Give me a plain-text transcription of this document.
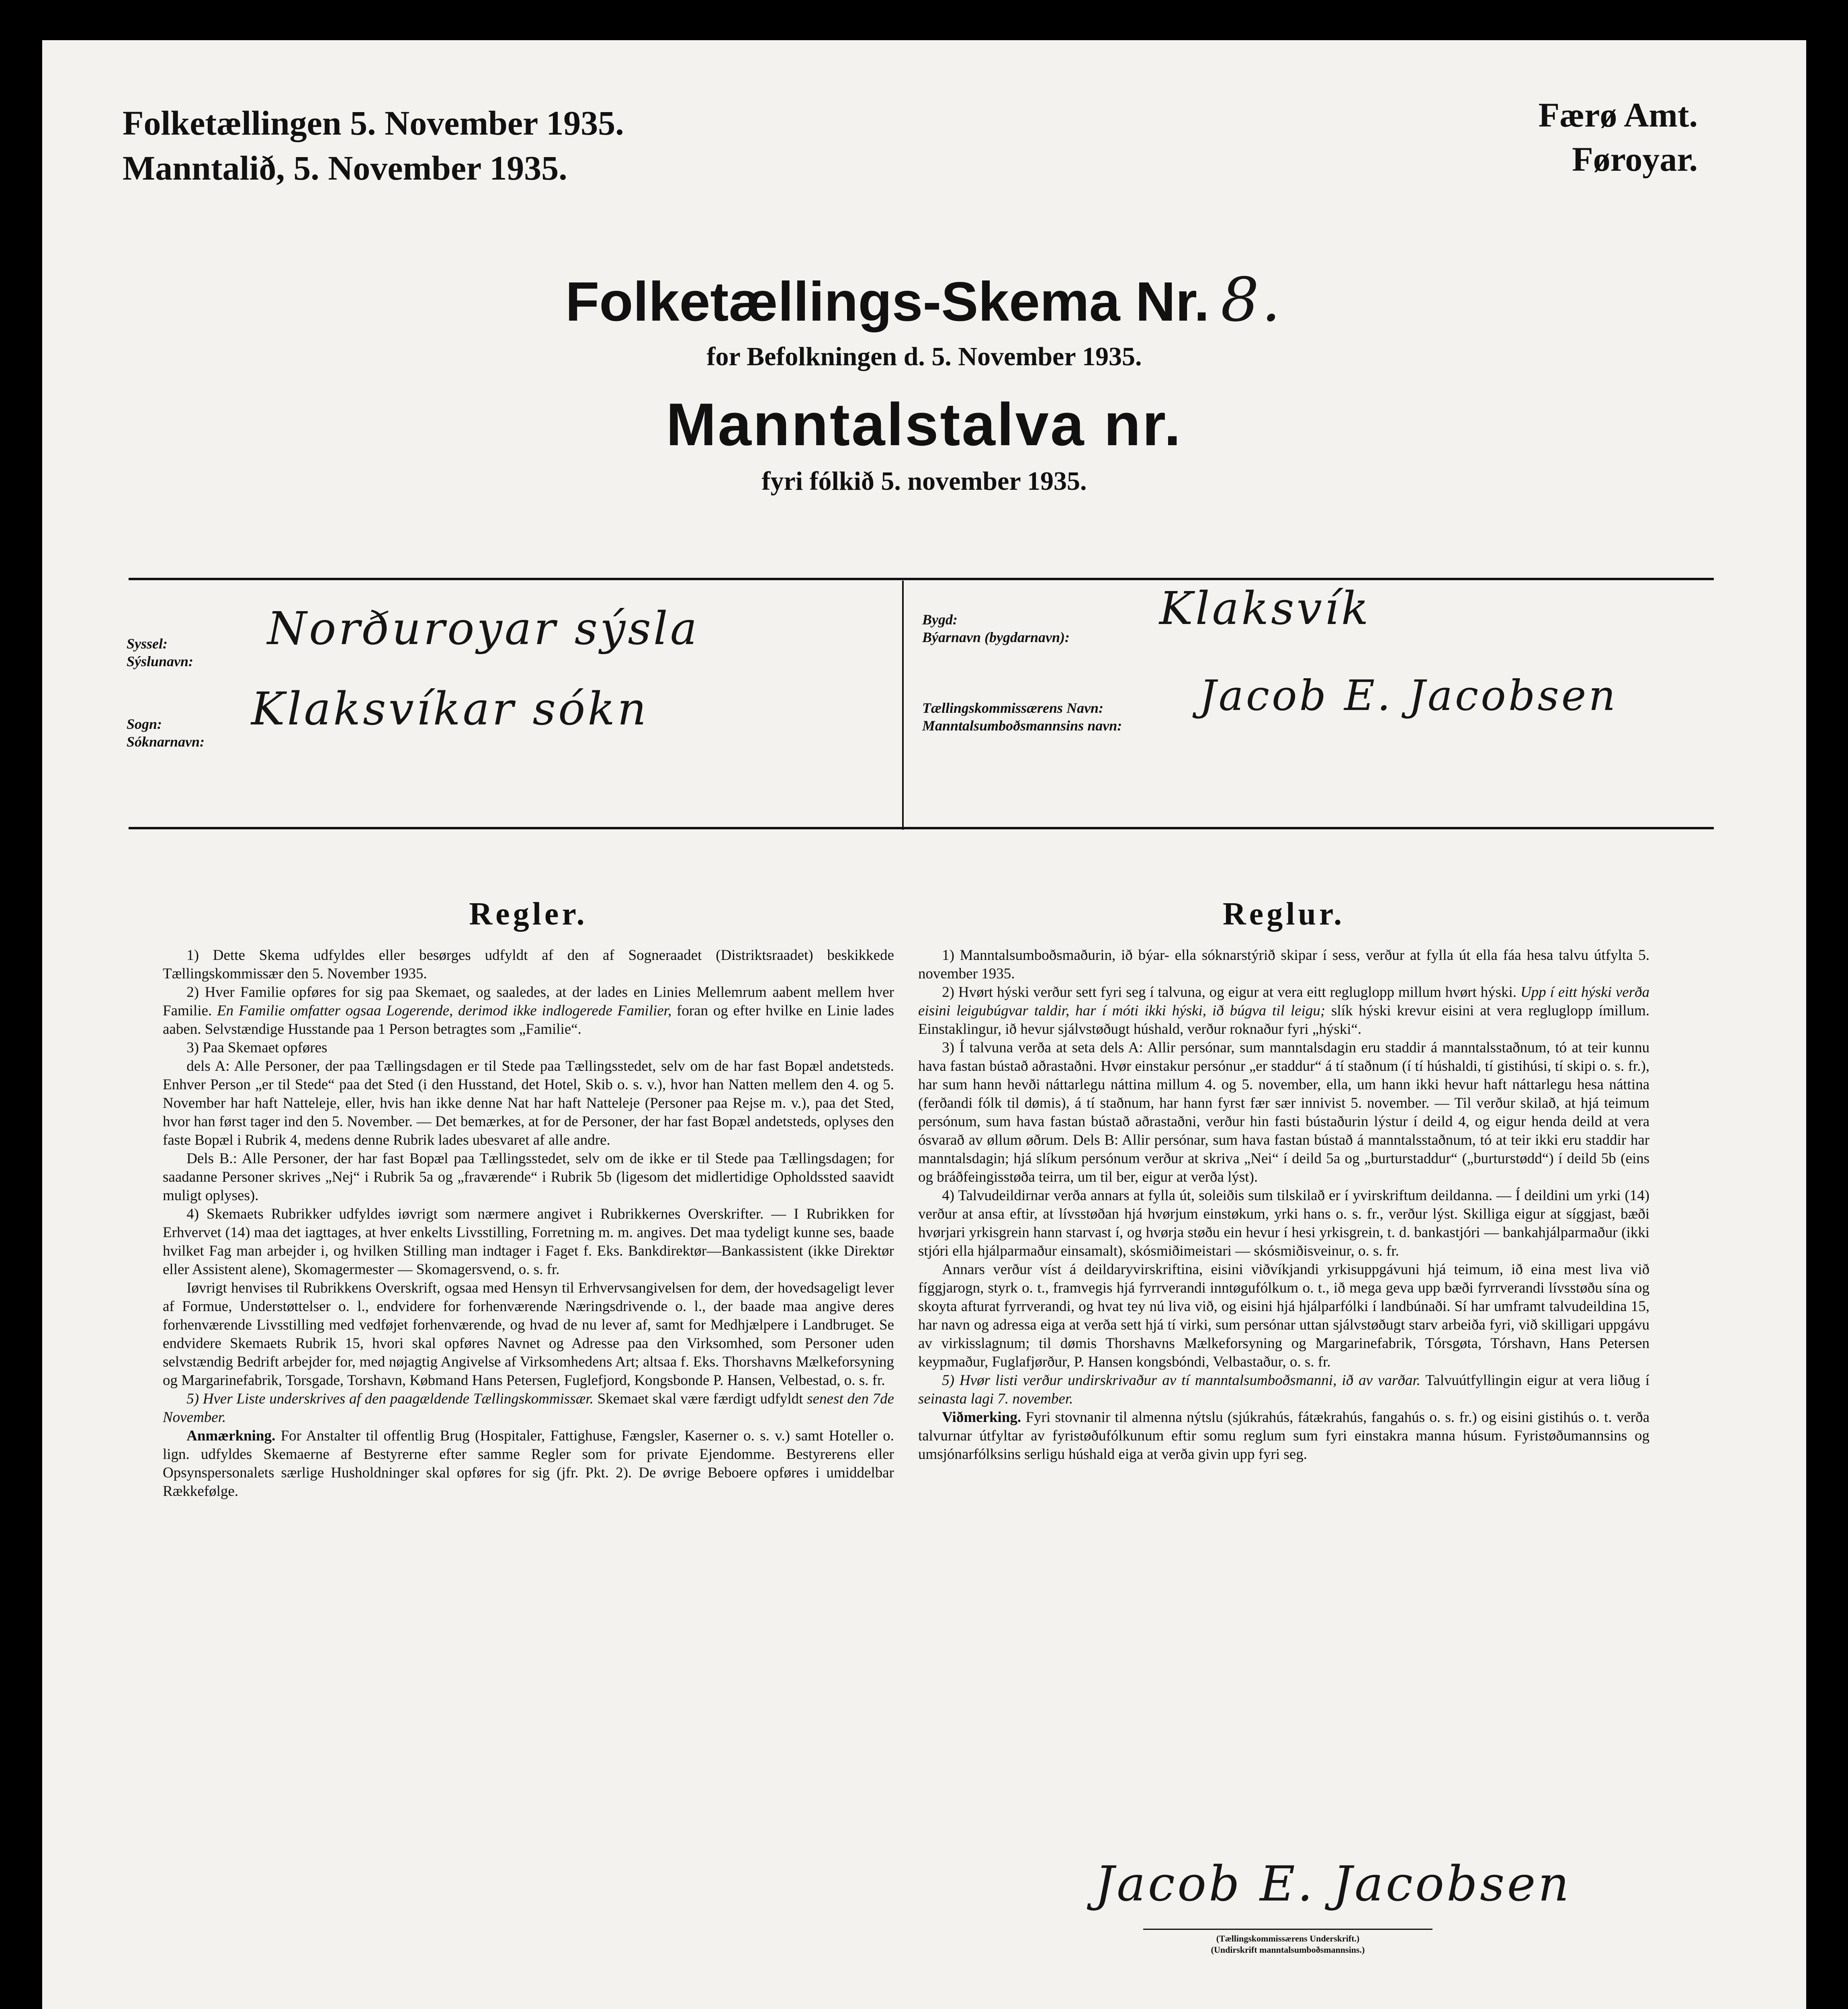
Folketællingen 5. November 1935.
Manntalið, 5. November 1935.
Færø Amt.
Føroyar.
Folketællings-Skema Nr. 8.
for Befolkningen d. 5. November 1935.
Manntalstalva nr.
fyri fólkið 5. november 1935.
Syssel:
Sýslunavn:
Norðuroyar sýsla
Sogn:
Sóknarnavn:
Klaksvíkar sókn
Bygd:
Býarnavn (bygdarnavn):
Klaksvík
Tællingskommissærens Navn:
Manntalsumboðsmannsins navn:
Jacob E. Jacobsen
Regler.

1) Dette Skema udfyldes eller besørges udfyldt af den af Sogneraadet (Distriktsraadet) beskikkede Tællingskommissær den 5. November 1935.

2) Hver Familie opføres for sig paa Skemaet, og saaledes, at der lades en Linies Mellemrum aabent mellem hver Familie. En Familie omfatter ogsaa Logerende, derimod ikke indlogerede Familier, foran og efter hvilke en Linie lades aaben. Selvstændige Husstande paa 1 Person betragtes som „Familie“.

3) Paa Skemaet opføres

dels A: Alle Personer, der paa Tællingsdagen er til Stede paa Tællingsstedet, selv om de har fast Bopæl andetsteds. Enhver Person „er til Stede“ paa det Sted (i den Husstand, det Hotel, Skib o. s. v.), hvor han Natten mellem den 4. og 5. November har haft Natteleje, eller, hvis han ikke denne Nat har haft Natteleje (Personer paa Rejse m. v.), paa det Sted, hvor han først tager ind den 5. November. — Det bemærkes, at for de Personer, der har fast Bopæl andetsteds, oplyses den faste Bopæl i Rubrik 4, medens denne Rubrik lades ubesvaret af alle andre.

Dels B.: Alle Personer, der har fast Bopæl paa Tællingsstedet, selv om de ikke er til Stede paa Tællingsdagen; for saadanne Personer skrives „Nej“ i Rubrik 5a og „fraværende“ i Rubrik 5b (ligesom det midlertidige Opholdssted saavidt muligt oplyses).

4) Skemaets Rubrikker udfyldes iøvrigt som nærmere angivet i Rubrikkernes Overskrifter. — I Rubrikken for Erhvervet (14) maa det iagttages, at hver enkelts Livsstilling, Forretning m. m. angives. Det maa tydeligt kunne ses, baade hvilket Fag man arbejder i, og hvilken Stilling man indtager i Faget f. Eks. Bankdirektør—Bankassistent (ikke Direktør eller Assistent alene), Skomagermester — Skomagersvend, o. s. fr.

Iøvrigt henvises til Rubrikkens Overskrift, ogsaa med Hensyn til Erhvervsangivelsen for dem, der hovedsageligt lever af Formue, Understøttelser o. l., endvidere for forhenværende Næringsdrivende o. l., der baade maa angive deres forhenværende Livsstilling med vedføjet forhenværende, og hvad de nu lever af, samt for Medhjælpere i Landbruget. Se endvidere Skemaets Rubrik 15, hvori skal opføres Navnet og Adresse paa den Virksomhed, som Personer uden selvstændig Bedrift arbejder for, med nøjagtig Angivelse af Virksomhedens Art; altsaa f. Eks. Thorshavns Mælkeforsyning og Margarinefabrik, Torsgade, Torshavn, Købmand Hans Petersen, Fuglefjord, Kongsbonde P. Hansen, Velbestad, o. s. fr.

5) Hver Liste underskrives af den paagældende Tællingskommissær. Skemaet skal være færdigt udfyldt senest den 7de November.

Anmærkning. For Anstalter til offentlig Brug (Hospitaler, Fattighuse, Fængsler, Kaserner o. s. v.) samt Hoteller o. lign. udfyldes Skemaerne af Bestyrerne efter samme Regler som for private Ejendomme. Bestyrerens eller Opsynspersonalets særlige Husholdninger skal opføres for sig (jfr. Pkt. 2). De øvrige Beboere opføres i umiddelbar Rækkefølge.

Reglur.

1) Manntalsumboðsmaðurin, ið býar- ella sóknarstýrið skipar í sess, verður at fylla út ella fáa hesa talvu útfylta 5. november 1935.

2) Hvørt hýski verður sett fyri seg í talvuna, og eigur at vera eitt regluglopp millum hvørt hýski. Upp í eitt hýski verða eisini leigubúgvar taldir, har í móti ikki hýski, ið búgva til leigu; slík hýski krevur eisini at vera regluglopp ímillum. Einstaklingur, ið hevur sjálvstøðugt húshald, verður roknaður fyri „hýski“.

3) Í talvuna verða at seta dels A: Allir persónar, sum manntalsdagin eru staddir á manntalsstaðnum, tó at teir kunnu hava fastan bústað aðrastaðni. Hvør einstakur persónur „er staddur“ á tí staðnum (í tí húshaldi, tí gistihúsi, tí skipi o. s. fr.), har sum hann hevði náttarlegu náttina millum 4. og 5. november, ella, um hann ikki hevur haft náttarlegu hesa náttina (ferðandi fólk til dømis), á tí staðnum, har hann fyrst fær sær innivist 5. november. — Til verður skilað, at hjá teimum persónum, sum hava fastan bústað aðrastaðni, verður hin fasti bústaðurin lýstur í deild 4, og eigur henda deild at vera ósvarað av øllum øðrum. Dels B: Allir persónar, sum hava fastan bústað á manntalsstaðnum, tó at teir ikki eru staddir har manntalsdagin; hjá slíkum persónum verður at skriva „Nei“ í deild 5a og „burturstaddur“ („burturstødd“) í deild 5b (eins og bráðfeingisstøða teirra, um til ber, eigur at verða lýst).

4) Talvudeildirnar verða annars at fylla út, soleiðis sum tilskilað er í yvirskriftum deildanna. — Í deildini um yrki (14) verður at ansa eftir, at lívsstøðan hjá hvørjum einstøkum, yrki hans o. s. fr., verður lýst. Skilliga eigur at síggjast, bæði hvørjari yrkisgrein hann starvast í, og hvørja støðu ein hevur í hesi yrkisgrein, t. d. bankastjóri — bankahjálparmaður (ikki stjóri ella hjálparmaður einsamalt), skósmiðimeistari — skósmiðisveinur, o. s. fr.

Annars verður víst á deildaryvirskriftina, eisini viðvíkjandi yrkisuppgávuni hjá teimum, ið eina mest liva við fíggjarogn, styrk o. t., framvegis hjá fyrrverandi inntøgufólkum o. t., ið mega geva upp bæði fyrrverandi lívsstøðu sína og skoyta afturat fyrrverandi, og hvat tey nú liva við, og eisini hjá hjálparfólki í landbúnaði. Sí har umframt talvudeildina 15, har navn og adressa eiga at verða sett hjá tí virki, sum persónar uttan sjálvstøðugt starv arbeiða fyri, við skilligari uppgávu av virkisslagnum; til dømis Thorshavns Mælkeforsyning og Margarinefabrik, Tórsgøta, Tórshavn, Hans Petersen keypmaður, Fuglafjørður, P. Hansen kongsbóndi, Velbastaður, o. s. fr.

5) Hvør listi verður undirskrivaður av tí manntalsumboðsmanni, ið av varðar. Talvuútfyllingin eigur at vera liðug í seinasta lagi 7. november.

Viðmerking. Fyri stovnanir til almenna nýtslu (sjúkrahús, fátækrahús, fangahús o. s. fr.) og eisini gistihús o. t. verða talvurnar útfyltar av fyristøðufólkunum eftir somu reglum sum fyri einstakra manna húsum. Fyristøðumannsins og umsjónarfólksins serligu húshald eiga at verða givin upp fyri seg.

Jacob E. Jacobsen
(Tællingskommissærens Underskrift.)
(Undirskrift manntalsumboðsmannsins.)
